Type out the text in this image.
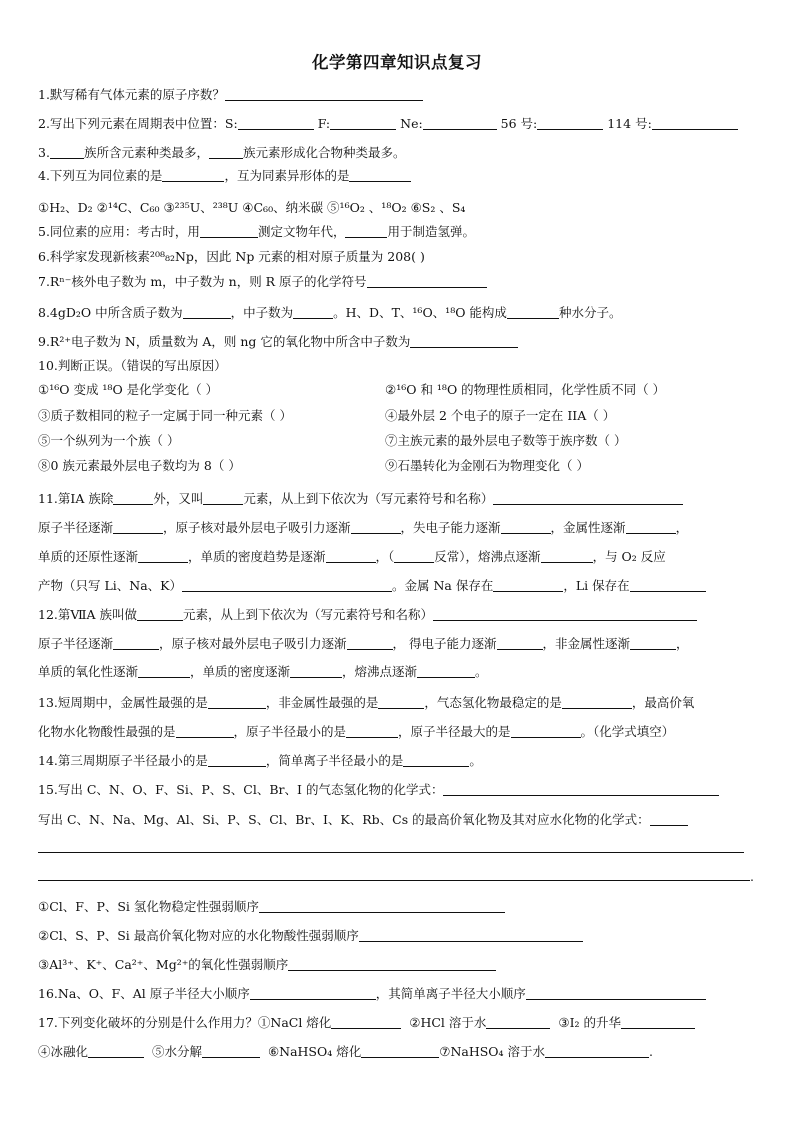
化学第四章知识点复习
1.默写稀有气体元素的原子序数？
2.写出下列元素在周期表中位置：S:	F:	Ne:	56 号:	114 号:
3.	族所含元素种类最多，	族元素形成化合物种类最多。
4.下列互为同位素的是	，互为同素异形体的是
①H₂、D₂ ②¹⁴C、C₆₀ ③²³⁵U、²³⁸U ④C₆₀、纳米碳 ⑤¹⁶O₂ 、¹⁸O₂ ⑥S₂ 、S₄
5.同位素的应用：考古时，用	测定文物年代，	用于制造氢弹。
6.科学家发现新核素²⁰⁸₈₂Np，因此 Np 元素的相对原子质量为 208( )
7.Rⁿ⁻核外电子数为 m，中子数为 n，则 R 原子的化学符号
8.4gD₂O 中所含质子数为	，中子数为	。H、D、T、¹⁶O、¹⁸O 能构成	种水分子。
9.R²⁺电子数为 N，质量数为 A，则 ng 它的氧化物中所含中子数为
10.判断正误。（错误的写出原因）
①¹⁶O 变成 ¹⁸O 是化学变化（ ）	②¹⁶O 和 ¹⁸O 的物理性质相同，化学性质不同（ ）
③质子数相同的粒子一定属于同一种元素（ ）	④最外层 2 个电子的原子一定在 IIA（ ）
⑤一个纵列为一个族（ ）	⑦主族元素的最外层电子数等于族序数（ ）
⑧0 族元素最外层电子数均为 8（ ）	⑨石墨转化为金刚石为物理变化（ ）
11.第ⅠA 族除	外，又叫	元素，从上到下依次为（写元素符号和名称）
原子半径逐渐	，原子核对最外层电子吸引力逐渐	，失电子能力逐渐	，金属性逐渐	，
单质的还原性逐渐	，单质的密度趋势是逐渐	，（	反常），熔沸点逐渐	，与 O₂ 反应
产物（只写 Li、Na、K）	。金属 Na 保存在	，Li 保存在
12.第ⅦA 族叫做	元素，从上到下依次为（写元素符号和名称）
原子半径逐渐	，原子核对最外层电子吸引力逐渐	， 得电子能力逐渐	，非金属性逐渐	，
单质的氧化性逐渐	，单质的密度逐渐	，熔沸点逐渐	。
13.短周期中，金属性最强的是	，非金属性最强的是	，气态氢化物最稳定的是	，最高价氧
化物水化物酸性最强的是	，原子半径最小的是	，原子半径最大的是	。（化学式填空）
14.第三周期原子半径最小的是	，简单离子半径最小的是	。
15.写出 C、N、O、F、Si、P、S、Cl、Br、I 的气态氢化物的化学式：
写出 C、N、Na、Mg、Al、Si、P、S、Cl、Br、I、K、Rb、Cs 的最高价氧化物及其对应水化物的化学式：
.
①Cl、F、P、Si 氢化物稳定性强弱顺序
②Cl、S、P、Si 最高价氧化物对应的水化物酸性强弱顺序
③Al³⁺、K⁺、Ca²⁺、Mg²⁺的氧化性强弱顺序
16.Na、O、F、Al 原子半径大小顺序	，其简单离子半径大小顺序
17.下列变化破坏的分别是什么作用力？①NaCl 熔化	②HCl 溶于水	③I₂ 的升华
④冰融化	⑤水分解	⑥NaHSO₄ 熔化	⑦NaHSO₄ 溶于水	.
